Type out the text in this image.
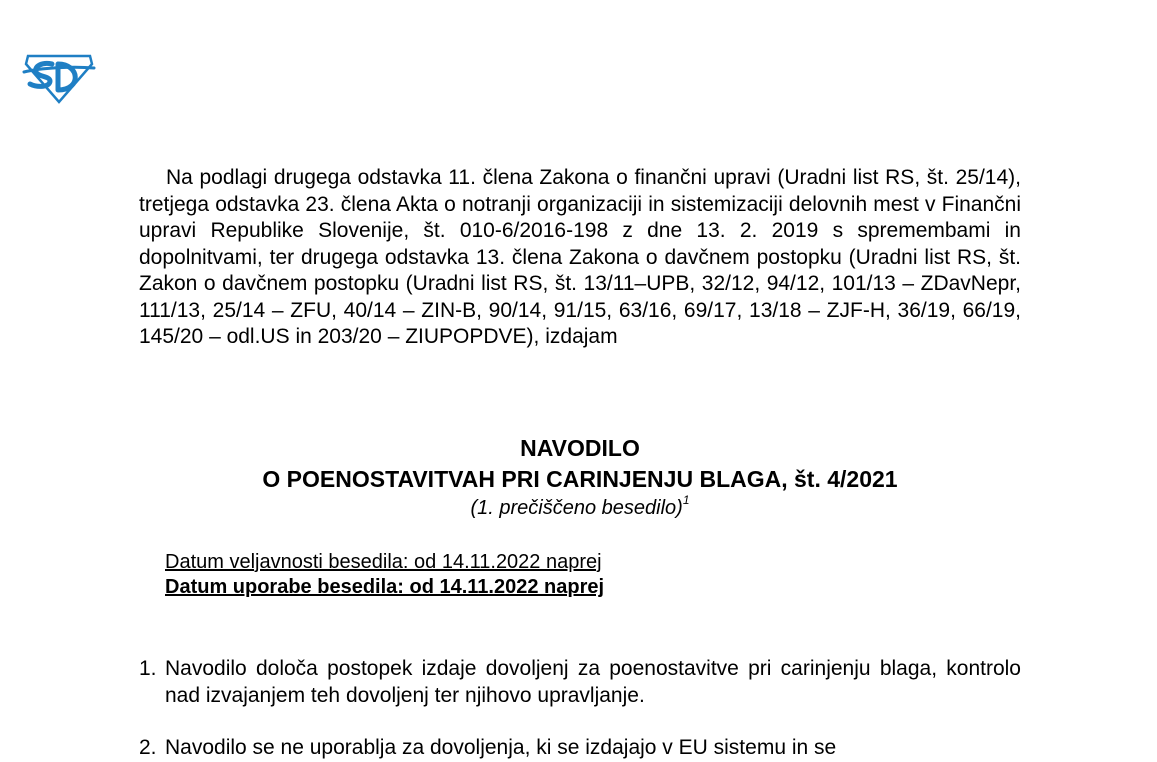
Na podlagi drugega odstavka 11. člena Zakona o finančni upravi (Uradni list RS, št. 25/14), tretjega odstavka 23. člena Akta o notranji organizaciji in sistemizaciji delovnih mest v Finančni upravi Republike Slovenije, št. 010-6/2016-198 z dne 13. 2. 2019 s spremembami in dopolnitvami, ter drugega odstavka 13. člena Zakona o davčnem postopku (Uradni list RS, št. Zakon o davčnem postopku (Uradni list RS, št. 13/11–UPB, 32/12, 94/12, 101/13 – ZDavNepr, 111/13, 25/14 – ZFU, 40/14 – ZIN-B, 90/14, 91/15, 63/16, 69/17, 13/18 – ZJF-H, 36/19, 66/19, 145/20 – odl.US in 203/20 – ZIUPOPDVE), izdajam

NAVODILO
O POENOSTAVITVAH PRI CARINJENJU BLAGA, št. 4/2021
(1. prečiščeno besedilo)$^1$
Datum veljavnosti besedila: od 14.11.2022 naprej
Datum uporabe besedila: od 14.11.2022 naprej
1. Navodilo določa postopek izdaje dovoljenj za poenostavitve pri carinjenju blaga, kontrolo nad izvajanjem teh dovoljenj ter njihovo upravljanje.
2. Navodilo se ne uporablja za dovoljenja, ki se izdajajo v EU sistemu in se
